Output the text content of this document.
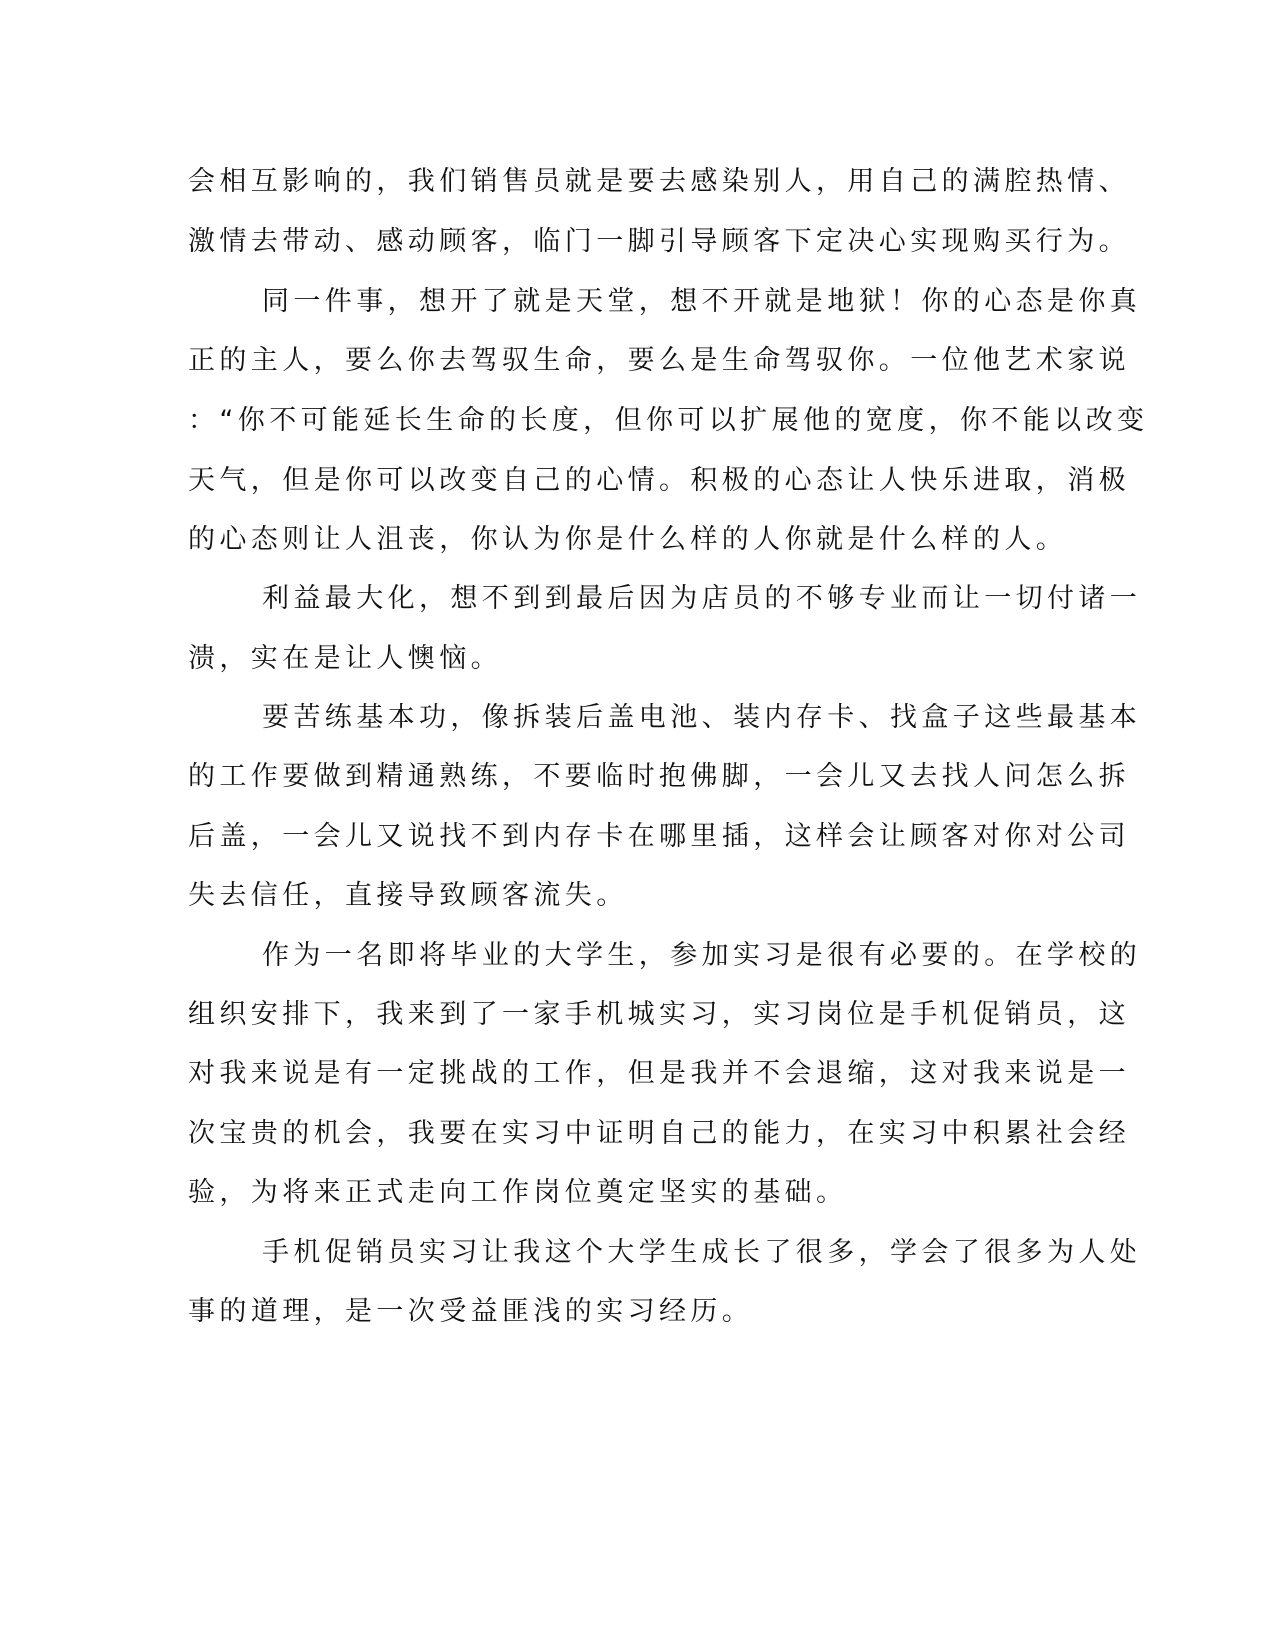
会相互影响的，我们销售员就是要去感染别人，用自己的满腔热情、

激情去带动、感动顾客，临门一脚引导顾客下定决心实现购买行为。

同一件事，想开了就是天堂，想不开就是地狱！你的心态是你真

正的主人，要么你去驾驭生命，要么是生命驾驭你。一位他艺术家说

：“你不可能延长生命的长度，但你可以扩展他的宽度，你不能以改变

天气，但是你可以改变自己的心情。积极的心态让人快乐进取，消极

的心态则让人沮丧，你认为你是什么样的人你就是什么样的人。

利益最大化，想不到到最后因为店员的不够专业而让一切付诸一

溃，实在是让人懊恼。

要苦练基本功，像拆装后盖电池、装内存卡、找盒子这些最基本

的工作要做到精通熟练，不要临时抱佛脚，一会儿又去找人问怎么拆

后盖，一会儿又说找不到内存卡在哪里插，这样会让顾客对你对公司

失去信任，直接导致顾客流失。

作为一名即将毕业的大学生，参加实习是很有必要的。在学校的

组织安排下，我来到了一家手机城实习，实习岗位是手机促销员，这

对我来说是有一定挑战的工作，但是我并不会退缩，这对我来说是一

次宝贵的机会，我要在实习中证明自己的能力，在实习中积累社会经

验，为将来正式走向工作岗位奠定坚实的基础。

手机促销员实习让我这个大学生成长了很多，学会了很多为人处

事的道理，是一次受益匪浅的实习经历。
